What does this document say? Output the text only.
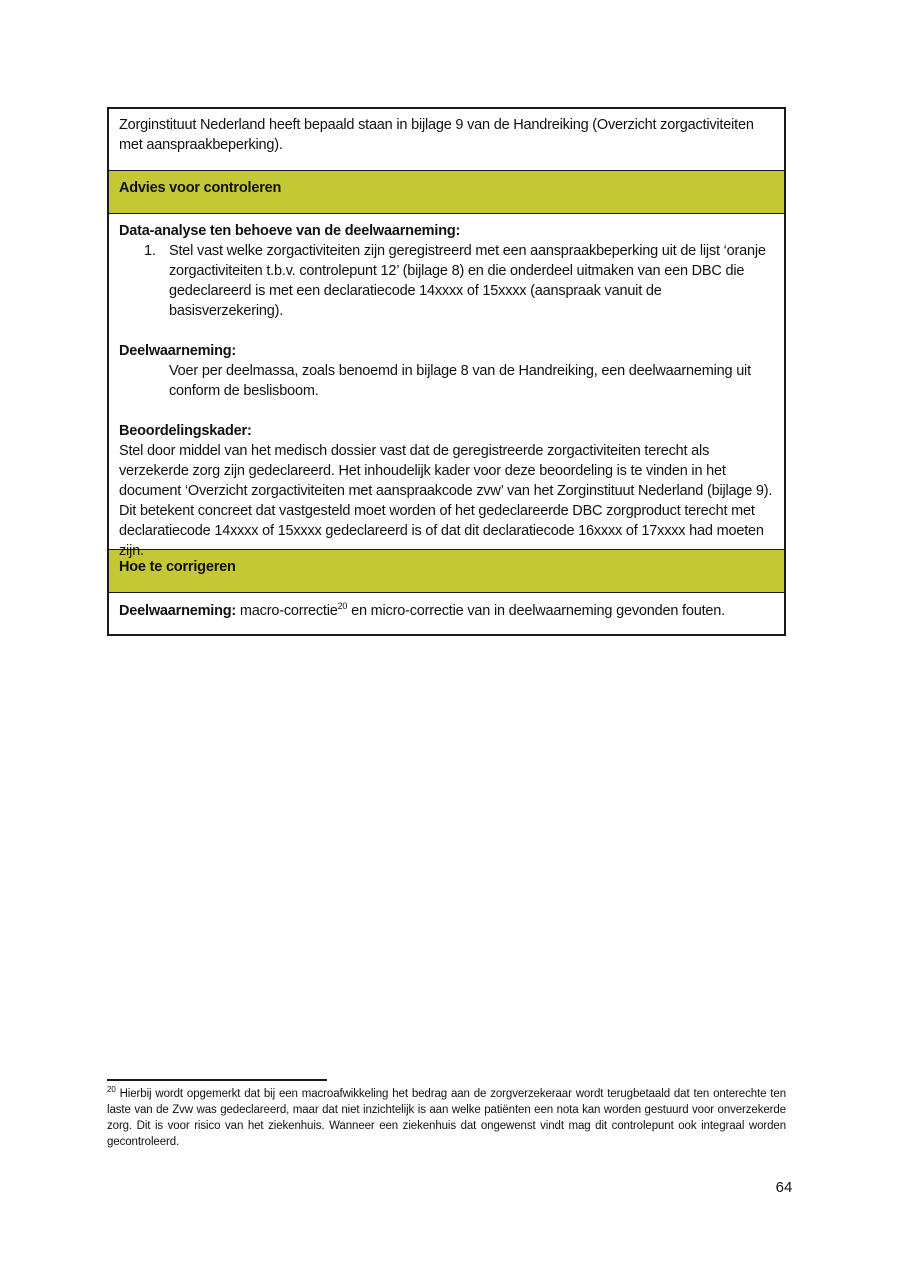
Zorginstituut Nederland heeft bepaald staan in bijlage 9 van de Handreiking (Overzicht zorgactiviteiten met aanspraakbeperking).
Advies voor controleren
Data-analyse ten behoeve van de deelwaarneming:
1. Stel vast welke zorgactiviteiten zijn geregistreerd met een aanspraakbeperking uit de lijst ‘oranje zorgactiviteiten t.b.v. controlepunt 12’ (bijlage 8) en die onderdeel uitmaken van een DBC die gedeclareerd is met een declaratiecode 14xxxx of 15xxxx (aanspraak vanuit de basisverzekering).
Deelwaarneming:
Voer per deelmassa, zoals benoemd in bijlage 8 van de Handreiking, een deelwaarneming uit conform de beslisboom.
Beoordelingskader:
Stel door middel van het medisch dossier vast dat de geregistreerde zorgactiviteiten terecht als verzekerde zorg zijn gedeclareerd. Het inhoudelijk kader voor deze beoordeling is te vinden in het document ‘Overzicht zorgactiviteiten met aanspraakcode zvw’ van het Zorginstituut Nederland (bijlage 9). Dit betekent concreet dat vastgesteld moet worden of het gedeclareerde DBC zorgproduct terecht met declaratiecode 14xxxx of 15xxxx gedeclareerd is of dat dit declaratiecode 16xxxx of 17xxxx had moeten zijn.
Hoe te corrigeren
Deelwaarneming: macro-correctie$^{20}$ en micro-correctie van in deelwaarneming gevonden fouten.
$^{20}$ Hierbij wordt opgemerkt dat bij een macroafwikkeling het bedrag aan de zorgverzekeraar wordt terugbetaald dat ten onterechte ten laste van de Zvw was gedeclareerd, maar dat niet inzichtelijk is aan welke patiënten een nota kan worden gestuurd voor onverzekerde zorg. Dit is voor risico van het ziekenhuis. Wanneer een ziekenhuis dat ongewenst vindt mag dit controlepunt ook integraal worden gecontroleerd.
64
